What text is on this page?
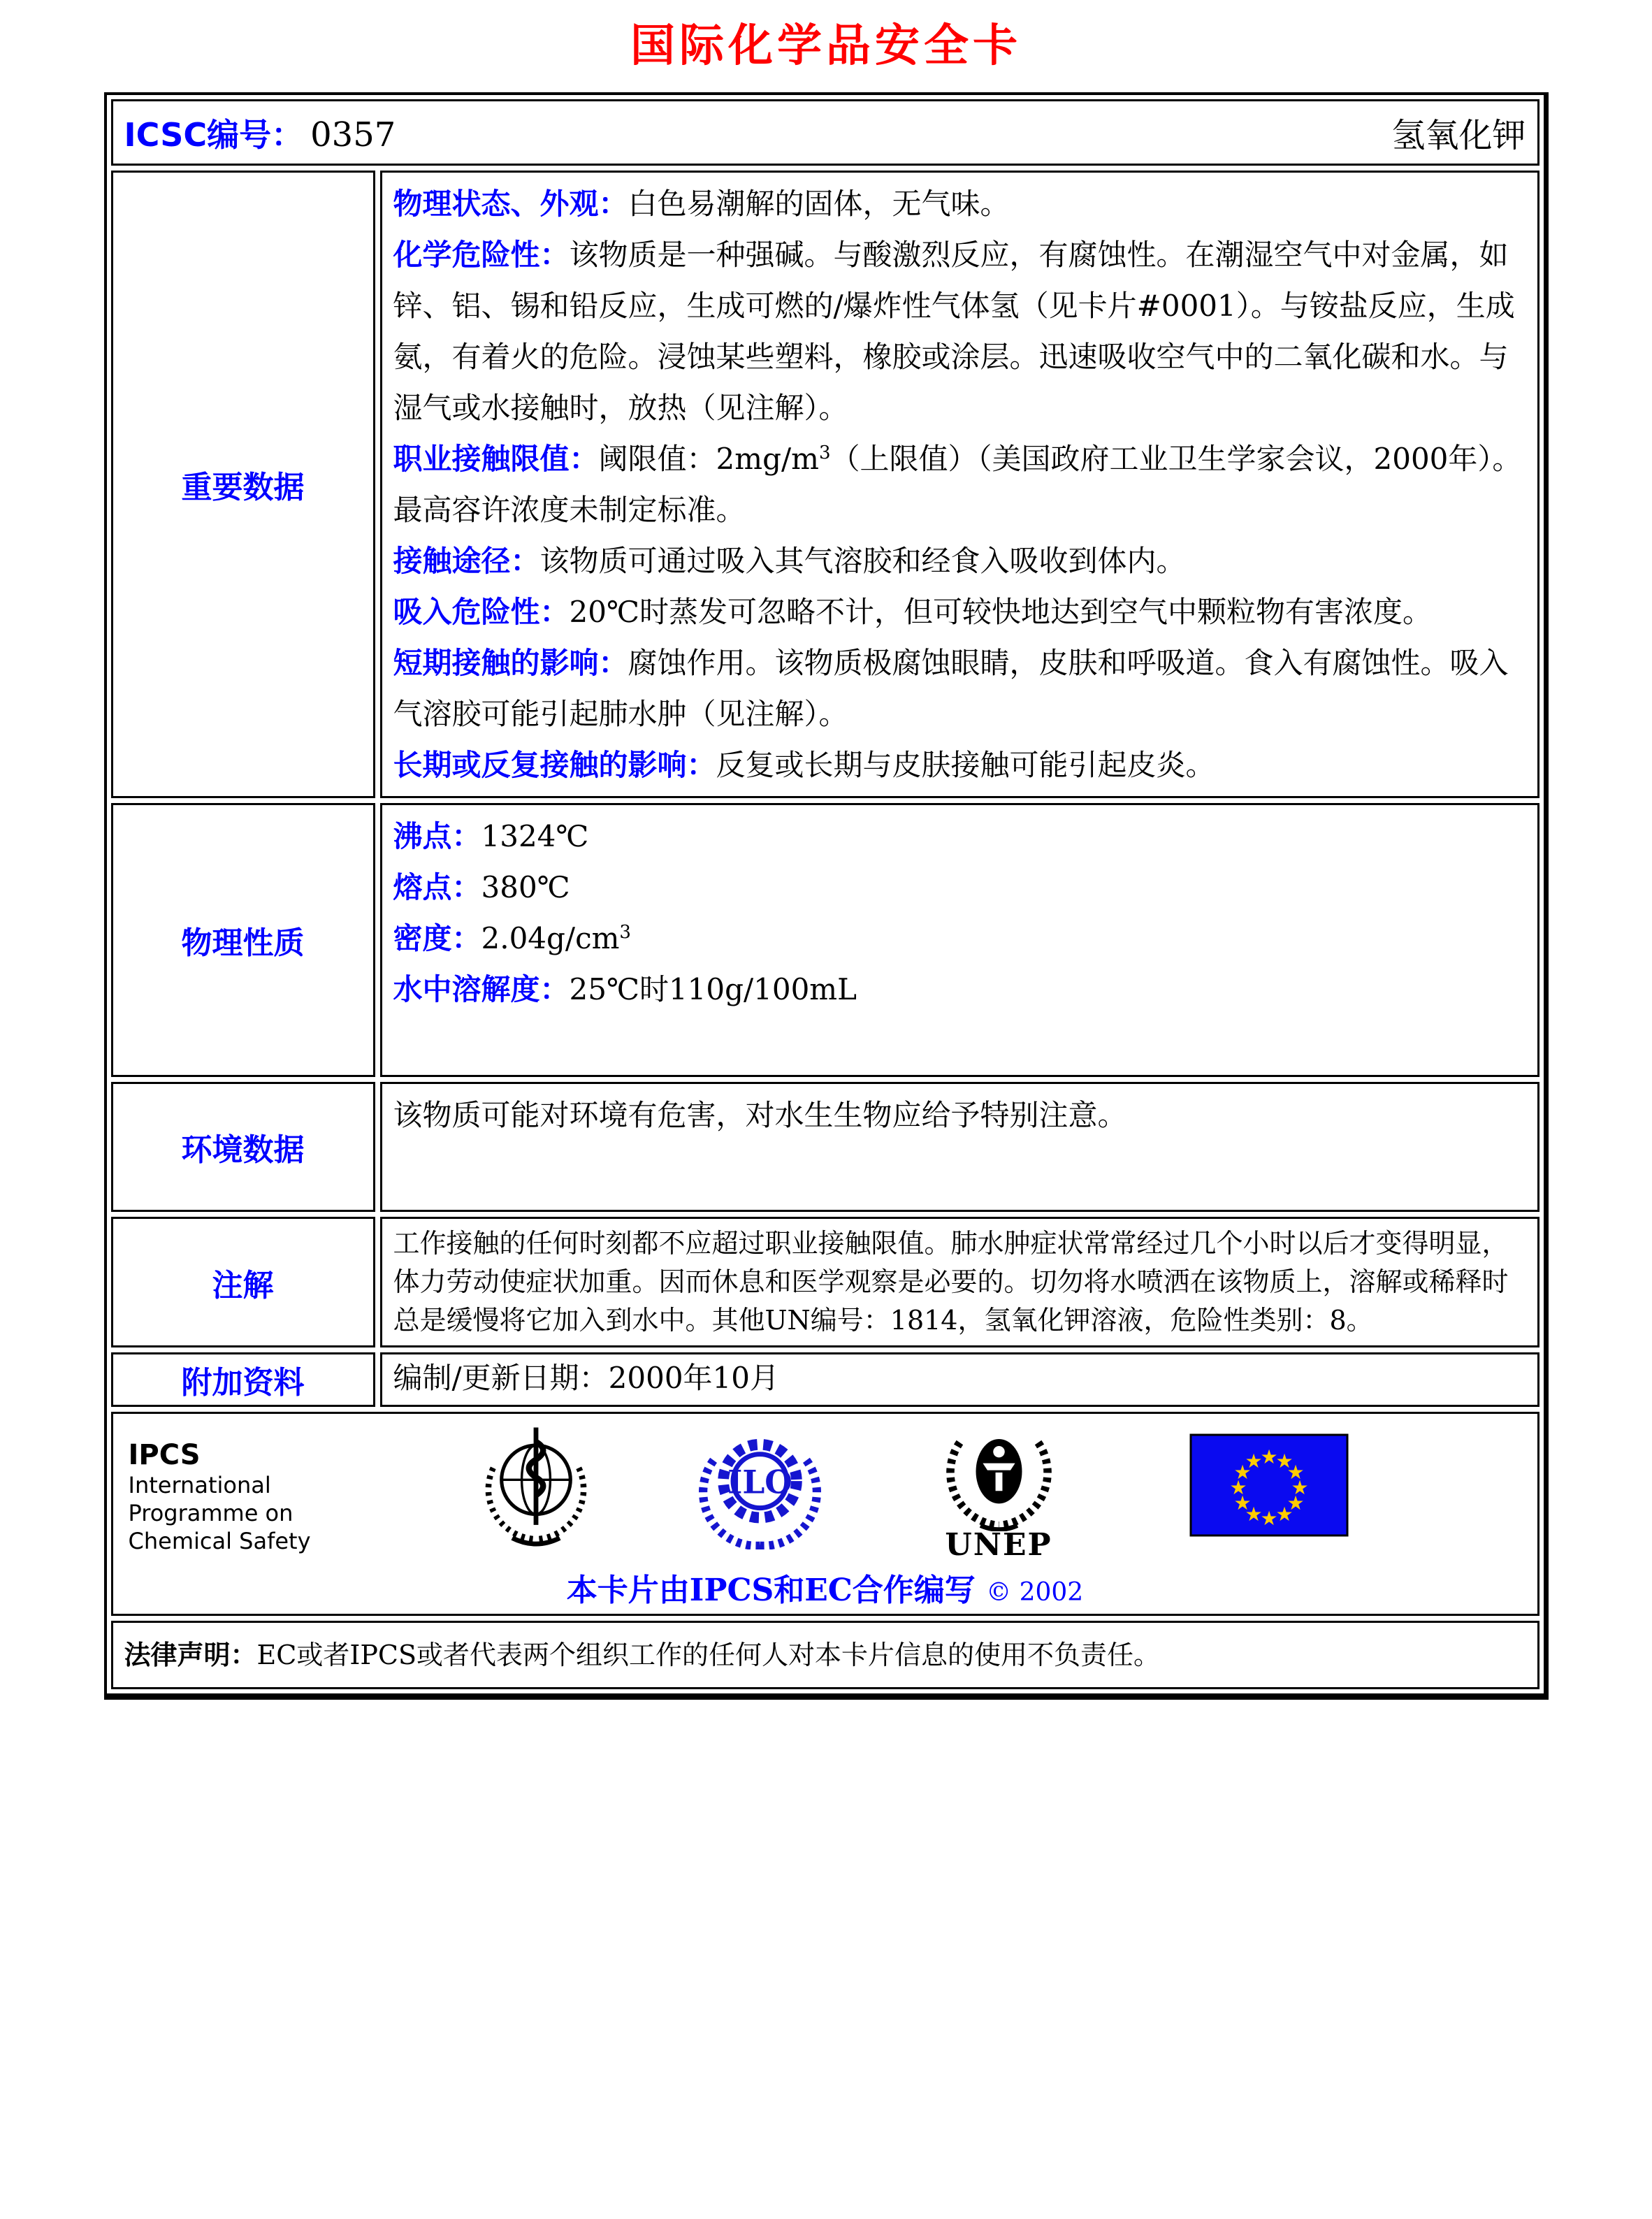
国际化学品安全卡
ICSC编号： 0357	氢氧化钾
重要数据
物理状态、外观：白色易潮解的固体，无气味。
化学危险性：该物质是一种强碱。与酸激烈反应，有腐蚀性。在潮湿空气中对金属，如锌、铝、锡和铅反应，生成可燃的/爆炸性气体氢（见卡片#0001）。与铵盐反应，生成氨，有着火的危险。浸蚀某些塑料，橡胶或涂层。迅速吸收空气中的二氧化碳和水。与湿气或水接触时，放热（见注解）。
职业接触限值：阈限值：$2mg/m^3$（上限值）（美国政府工业卫生学家会议，2000年）。最高容许浓度未制定标准。
接触途径：该物质可通过吸入其气溶胶和经食入吸收到体内。
吸入危险性：20℃时蒸发可忽略不计，但可较快地达到空气中颗粒物有害浓度。
短期接触的影响：腐蚀作用。该物质极腐蚀眼睛，皮肤和呼吸道。食入有腐蚀性。吸入气溶胶可能引起肺水肿（见注解）。
长期或反复接触的影响：反复或长期与皮肤接触可能引起皮炎。
物理性质
沸点：1324℃
熔点：380℃
密度：$2.04g/cm^3$
水中溶解度：25℃时110g/100mL
环境数据
该物质可能对环境有危害，对水生生物应给予特别注意。
注解
工作接触的任何时刻都不应超过职业接触限值。肺水肿症状常常经过几个小时以后才变得明显，体力劳动使症状加重。因而休息和医学观察是必要的。切勿将水喷洒在该物质上，溶解或稀释时总是缓慢将它加入到水中。其他UN编号：1814，氢氧化钾溶液，危险性类别：8。
附加资料	编制/更新日期：2000年10月
IPCS
International
Programme on
Chemical Safety
ILO
UNEP
★
★
★
★
★
★
★
★
★
★
★
★
本卡片由IPCS和EC合作编写 © 2002
法律声明：EC或者IPCS或者代表两个组织工作的任何人对本卡片信息的使用不负责任。
